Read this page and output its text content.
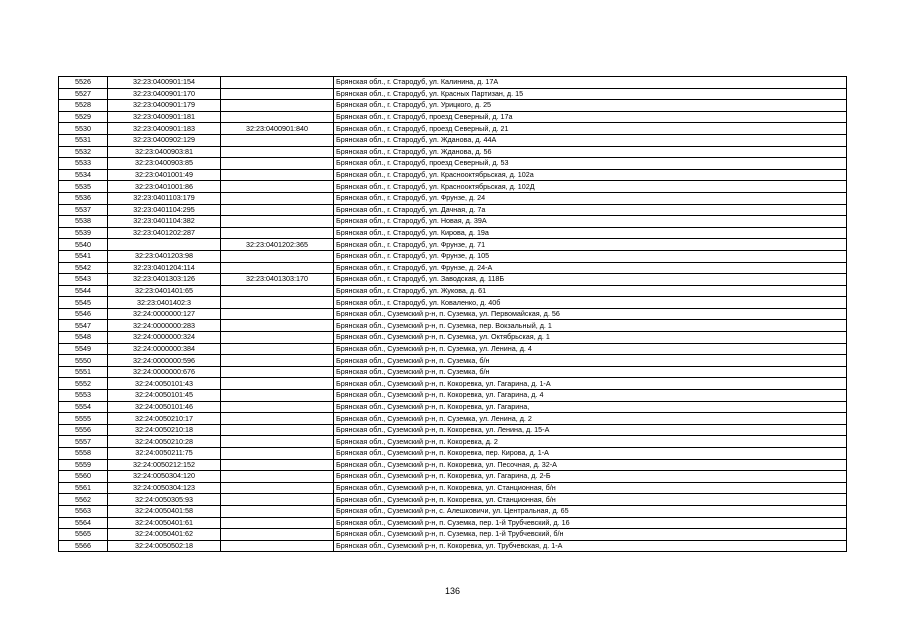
5526	32:23:0400901:154		Брянская обл., г. Стародуб, ул. Калинина, д. 17А
5527	32:23:0400901:170		Брянская обл., г. Стародуб, ул. Красных Партизан, д. 15
5528	32:23:0400901:179		Брянская обл., г. Стародуб, ул. Урицкого, д. 25
5529	32:23:0400901:181		Брянская обл., г. Стародуб, проезд Северный, д. 17а
5530	32:23:0400901:183	32:23:0400901:840	Брянская обл., г. Стародуб, проезд Северный, д. 21
5531	32:23:0400902:129		Брянская обл., г. Стародуб, ул. Жданова, д. 44А
5532	32:23:0400903:81		Брянская обл., г. Стародуб, ул. Жданова, д. 56
5533	32:23:0400903:85		Брянская обл., г. Стародуб, проезд Северный, д. 53
5534	32:23:0401001:49		Брянская обл., г. Стародуб, ул. Краснооктябрьская, д. 102а
5535	32:23:0401001:86		Брянская обл., г. Стародуб, ул. Краснооктябрьская, д. 102Д
5536	32:23:0401103:179		Брянская обл., г. Стародуб, ул. Фрунзе, д. 24
5537	32:23:0401104:295		Брянская обл., г. Стародуб, ул. Дачная, д. 7а
5538	32:23:0401104:382		Брянская обл., г. Стародуб, ул. Новая, д. 39А
5539	32:23:0401202:287		Брянская обл., г. Стародуб, ул. Кирова, д. 19а
5540		32:23:0401202:365	Брянская обл., г. Стародуб, ул. Фрунзе, д. 71
5541	32:23:0401203:98		Брянская обл., г. Стародуб, ул. Фрунзе, д. 105
5542	32:23:0401204:114		Брянская обл., г. Стародуб, ул. Фрунзе, д. 24-А
5543	32:23:0401303:126	32:23:0401303:170	Брянская обл., г. Стародуб, ул. Заводская, д. 118Б
5544	32:23:0401401:65		Брянская обл., г. Стародуб, ул. Жукова, д. 61
5545	32:23:0401402:3		Брянская обл., г. Стародуб, ул. Коваленко, д. 40б
5546	32:24:0000000:127		Брянская обл., Суземский р-н, п. Суземка, ул. Первомайская, д. 56
5547	32:24:0000000:283		Брянская обл., Суземский р-н, п. Суземка, пер. Вокзальный, д. 1
5548	32:24:0000000:324		Брянская обл., Суземский р-н, п. Суземка, ул. Октябрьская, д. 1
5549	32:24:0000000:384		Брянская обл., Суземский р-н, п. Суземка, ул. Ленина, д. 4
5550	32:24:0000000:596		Брянская обл., Суземский р-н, п. Суземка, б/н
5551	32:24:0000000:676		Брянская обл., Суземский р-н, п. Суземка, б/н
5552	32:24:0050101:43		Брянская обл., Суземский р-н, п. Кокоревка, ул. Гагарина, д. 1-А
5553	32:24:0050101:45		Брянская обл., Суземский р-н, п. Кокоревка, ул. Гагарина, д. 4
5554	32:24:0050101:46		Брянская обл., Суземский р-н, п. Кокоревка, ул. Гагарина,
5555	32:24:0050210:17		Брянская обл., Суземский р-н, п. Суземка, ул. Ленина, д. 2
5556	32:24:0050210:18		Брянская обл., Суземский р-н, п. Кокоревка, ул. Ленина, д. 15-А
5557	32:24:0050210:28		Брянская обл., Суземский р-н, п. Кокоревка, д. 2
5558	32:24:0050211:75		Брянская обл., Суземский р-н, п. Кокоревка, пер. Кирова, д. 1-А
5559	32:24:0050212:152		Брянская обл., Суземский р-н, п. Кокоревка, ул. Песочная, д. 32-А
5560	32:24:0050304:120		Брянская обл., Суземский р-н, п. Кокоревка, ул. Гагарина, д. 2-Б
5561	32:24:0050304:123		Брянская обл., Суземский р-н, п. Кокоревка, ул. Станционная, б/н
5562	32:24:0050305:93		Брянская обл., Суземский р-н, п. Кокоревка, ул. Станционная, б/н
5563	32:24:0050401:58		Брянская обл., Суземский р-н, с. Алешковичи, ул. Центральная, д. 65
5564	32:24:0050401:61		Брянская обл., Суземский р-н, п. Суземка, пер. 1-й Трубчевский, д. 16
5565	32:24:0050401:62		Брянская обл., Суземский р-н, п. Суземка, пер. 1-й Трубчевский, б/н
5566	32:24:0050502:18		Брянская обл., Суземский р-н, п. Кокоревка, ул. Трубчевская, д. 1-А
136
